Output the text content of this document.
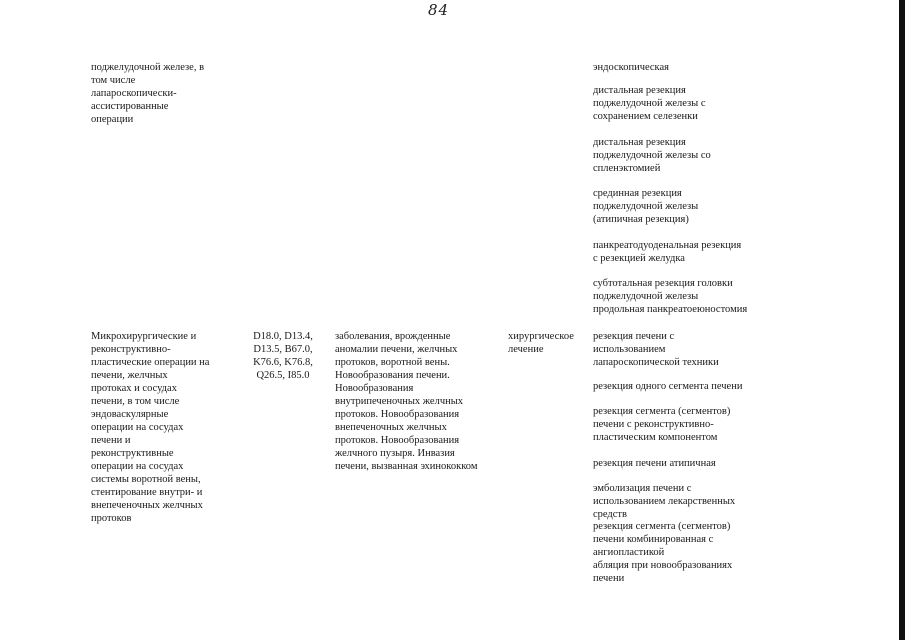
84
поджелудочной железе, в
том числе
лапароскопически-
ассистированные
операции
эндоскопическая
дистальная резекция
поджелудочной железы с
сохранением селезенки
дистальная резекция
поджелудочной железы со
спленэктомией
срединная резекция
поджелудочной железы
(атипичная резекция)
панкреатодуоденальная резекция
с резекцией желудка
субтотальная резекция головки
поджелудочной железы
продольная панкреатоеюностомия
Микрохирургические и
реконструктивно-
пластические операции на
печени, желчных
протоках и сосудах
печени, в том числе
эндоваскулярные
операции на сосудах
печени и
реконструктивные
операции на сосудах
системы воротной вены,
стентирование внутри- и
внепеченочных желчных
протоков
D18.0, D13.4,
D13.5, B67.0,
K76.6, K76.8,
Q26.5, I85.0
заболевания, врожденные
аномалии печени, желчных
протоков, воротной вены.
Новообразования печени.
Новообразования
внутрипеченочных желчных
протоков. Новообразования
внепеченочных желчных
протоков. Новообразования
желчного пузыря. Инвазия
печени, вызванная эхинококком
хирургическое
лечение
резекция печени с
использованием
лапароскопической техники
резекция одного сегмента печени
резекция сегмента (сегментов)
печени с реконструктивно-
пластическим компонентом
резекция печени атипичная
эмболизация печени с
использованием лекарственных
средств
резекция сегмента (сегментов)
печени комбинированная с
ангиопластикой
абляция при новообразованиях
печени
